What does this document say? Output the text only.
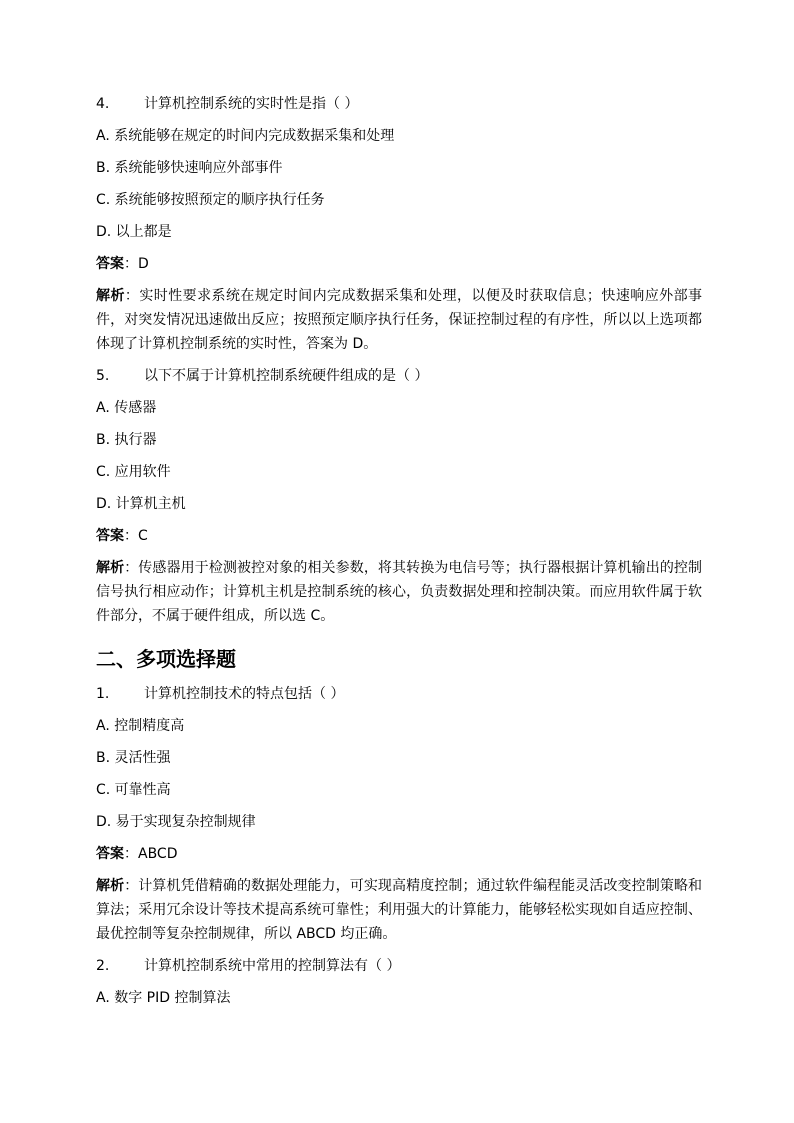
4. 计算机控制系统的实时性是指（ ）
A. 系统能够在规定的时间内完成数据采集和处理
B. 系统能够快速响应外部事件
C. 系统能够按照预定的顺序执行任务
D. 以上都是
答案：D
解析：实时性要求系统在规定时间内完成数据采集和处理，以便及时获取信息；快速响应外部事件，对突发情况迅速做出反应；按照预定顺序执行任务，保证控制过程的有序性，所以以上选项都体现了计算机控制系统的实时性，答案为 D。
5. 以下不属于计算机控制系统硬件组成的是（ ）
A. 传感器
B. 执行器
C. 应用软件
D. 计算机主机
答案：C
解析：传感器用于检测被控对象的相关参数，将其转换为电信号等；执行器根据计算机输出的控制信号执行相应动作；计算机主机是控制系统的核心，负责数据处理和控制决策。而应用软件属于软件部分，不属于硬件组成，所以选 C。
二、多项选择题
1. 计算机控制技术的特点包括（ ）
A. 控制精度高
B. 灵活性强
C. 可靠性高
D. 易于实现复杂控制规律
答案：ABCD
解析：计算机凭借精确的数据处理能力，可实现高精度控制；通过软件编程能灵活改变控制策略和算法；采用冗余设计等技术提高系统可靠性；利用强大的计算能力，能够轻松实现如自适应控制、最优控制等复杂控制规律，所以 ABCD 均正确。
2. 计算机控制系统中常用的控制算法有（ ）
A. 数字 PID 控制算法
